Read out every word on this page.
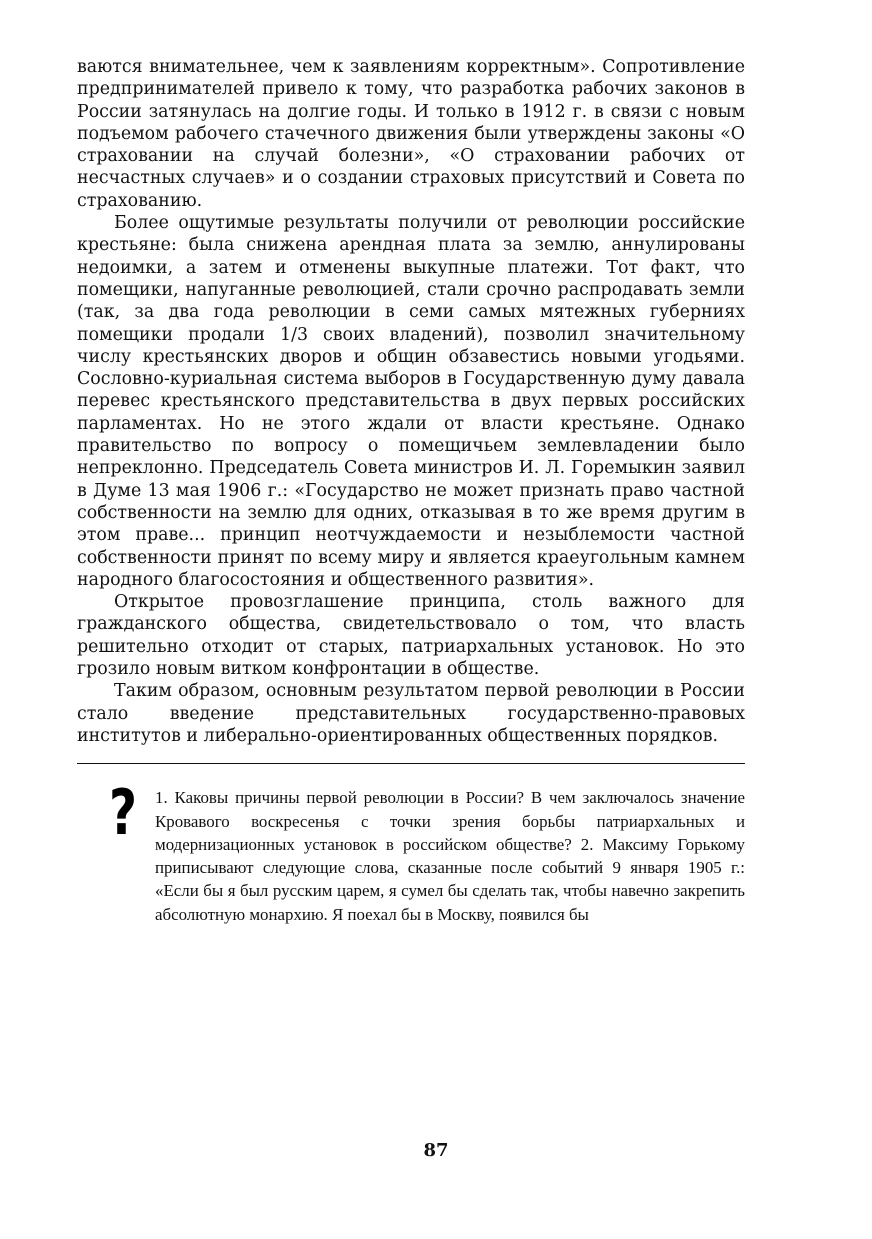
ваются внимательнее, чем к заявлениям корректным». Сопротивление предпринимателей привело к тому, что разработка рабочих законов в России затянулась на долгие годы. И только в 1912 г. в связи с новым подъемом рабочего стачечного движения были утверждены законы «О страховании на случай болезни», «О страховании рабочих от несчастных случаев» и о создании страховых присутствий и Совета по страхованию.

Более ощутимые результаты получили от революции российские крестьяне: была снижена арендная плата за землю, аннулированы недоимки, а затем и отменены выкупные платежи. Тот факт, что помещики, напуганные революцией, стали срочно распродавать земли (так, за два года революции в семи самых мятежных губерниях помещики продали 1/3 своих владений), позволил значительному числу крестьянских дворов и общин обзавестись новыми угодьями. Сословно-куриальная система выборов в Государственную думу давала перевес крестьянского представительства в двух первых российских парламентах. Но не этого ждали от власти крестьяне. Однако правительство по вопросу о помещичьем землевладении было непреклонно. Председатель Совета министров И. Л. Горемыкин заявил в Думе 13 мая 1906 г.: «Государство не может признать право частной собственности на землю для одних, отказывая в то же время другим в этом праве... принцип неотчуждаемости и незыблемости частной собственности принят по всему миру и является краеугольным камнем народного благосостояния и общественного развития».

Открытое провозглашение принципа, столь важного для гражданского общества, свидетельствовало о том, что власть решительно отходит от старых, патриархальных установок. Но это грозило новым витком конфронтации в обществе.

Таким образом, основным результатом первой революции в России стало введение представительных государственно-правовых институтов и либерально-ориентированных общественных порядков.

? 1. Каковы причины первой революции в России? В чем заключалось значение Кровавого воскресенья с точки зрения борьбы патриархальных и модернизационных установок в российском обществе? 2. Максиму Горькому приписывают следующие слова, сказанные после событий 9 января 1905 г.: «Если бы я был русским царем, я сумел бы сделать так, чтобы навечно закрепить абсолютную монархию. Я поехал бы в Москву, появился бы

87
